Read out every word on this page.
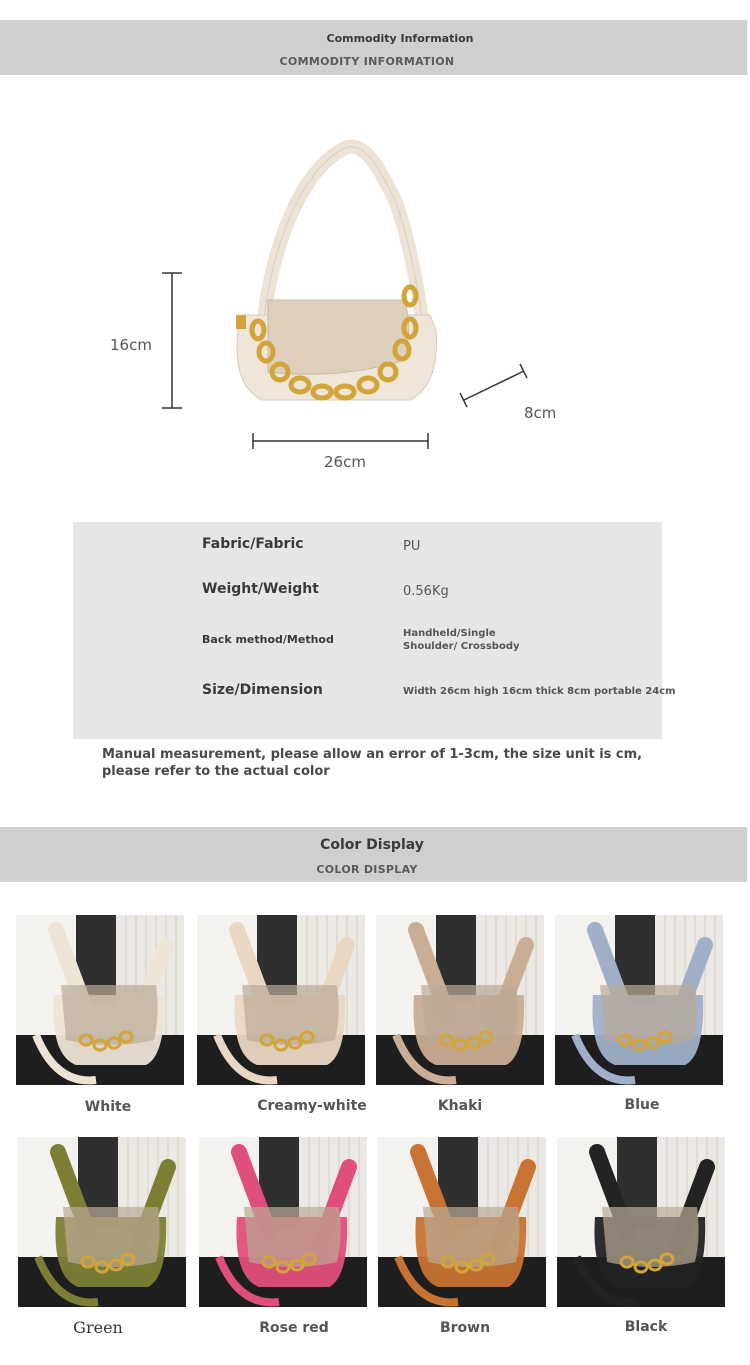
Commodity Information
COMMODITY INFORMATION
16cm
26cm
8cm
Fabric/Fabric	PU
Weight/Weight	0.56Kg
Back method/Method	Handheld/Single Shoulder/ Crossbody
Size/Dimension	Width 26cm high 16cm thick 8cm portable 24cm
Manual measurement, please allow an error of 1-3cm, the size unit is cm, please refer to the actual color
Color Display
COLOR DISPLAY
White	Creamy-white	Khaki	Blue
Green	Rose red	Brown	Black
